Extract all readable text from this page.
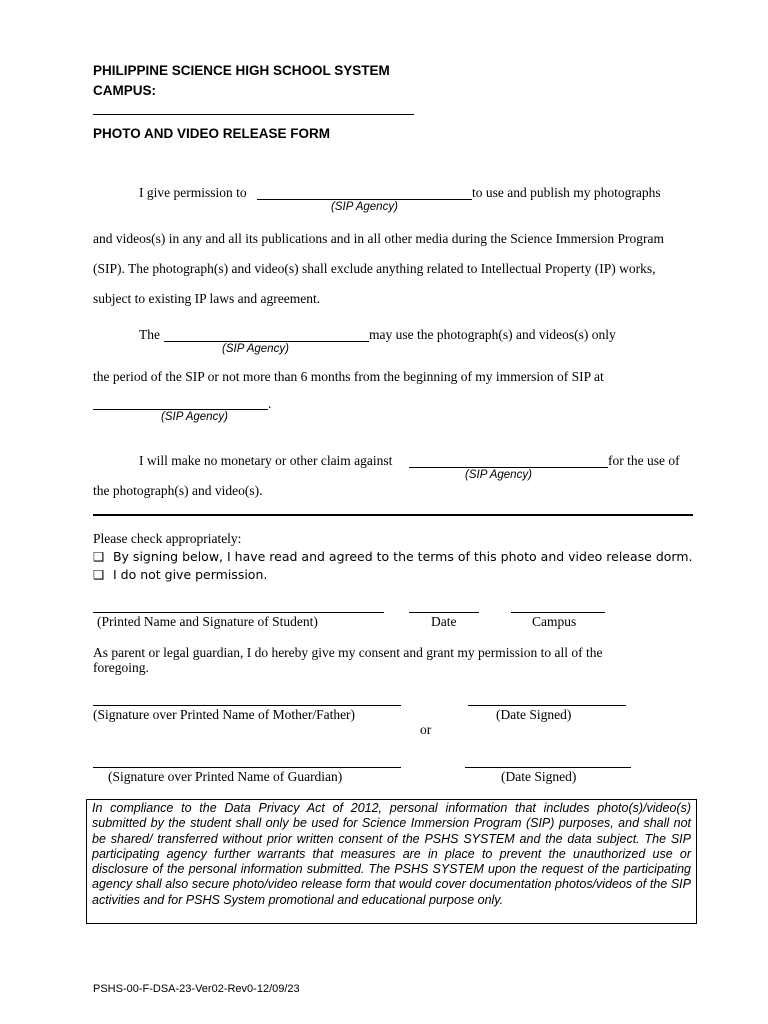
PHILIPPINE SCIENCE HIGH SCHOOL SYSTEM
CAMPUS:
PHOTO AND VIDEO RELEASE FORM
I give permission to	to use and publish my photographs
(SIP Agency)
and videos(s) in any and all its publications and in all other media during the Science Immersion Program
(SIP). The photograph(s) and video(s) shall exclude anything related to Intellectual Property (IP) works,
subject to existing IP laws and agreement.
The	may use the photograph(s) and videos(s) only
(SIP Agency)
the period of the SIP or not more than 6 months from the beginning of my immersion of SIP at
.
(SIP Agency)
I will make no monetary or other claim against	for the use of
(SIP Agency)
the photograph(s) and video(s).
Please check appropriately:
❑ By signing below, I have read and agreed to the terms of this photo and video release dorm.
❑ I do not give permission.
(Printed Name and Signature of Student)	Date	Campus
As parent or legal guardian, I do hereby give my consent and grant my permission to all of the
foregoing.
(Signature over Printed Name of Mother/Father)	(Date Signed)
or
(Signature over Printed Name of Guardian)	(Date Signed)
In compliance to the Data Privacy Act of 2012, personal information that includes photo(s)/video(s) submitted by the student shall only be used for Science Immersion Program (SIP) purposes, and shall not be shared/ transferred without prior written consent of the PSHS SYSTEM and the data subject. The SIP participating agency further warrants that measures are in place to prevent the unauthorized use or disclosure of the personal information submitted. The PSHS SYSTEM upon the request of the participating agency shall also secure photo/video release form that would cover documentation photos/videos of the SIP activities and for PSHS System promotional and educational purpose only.
PSHS-00-F-DSA-23-Ver02-Rev0-12/09/23
